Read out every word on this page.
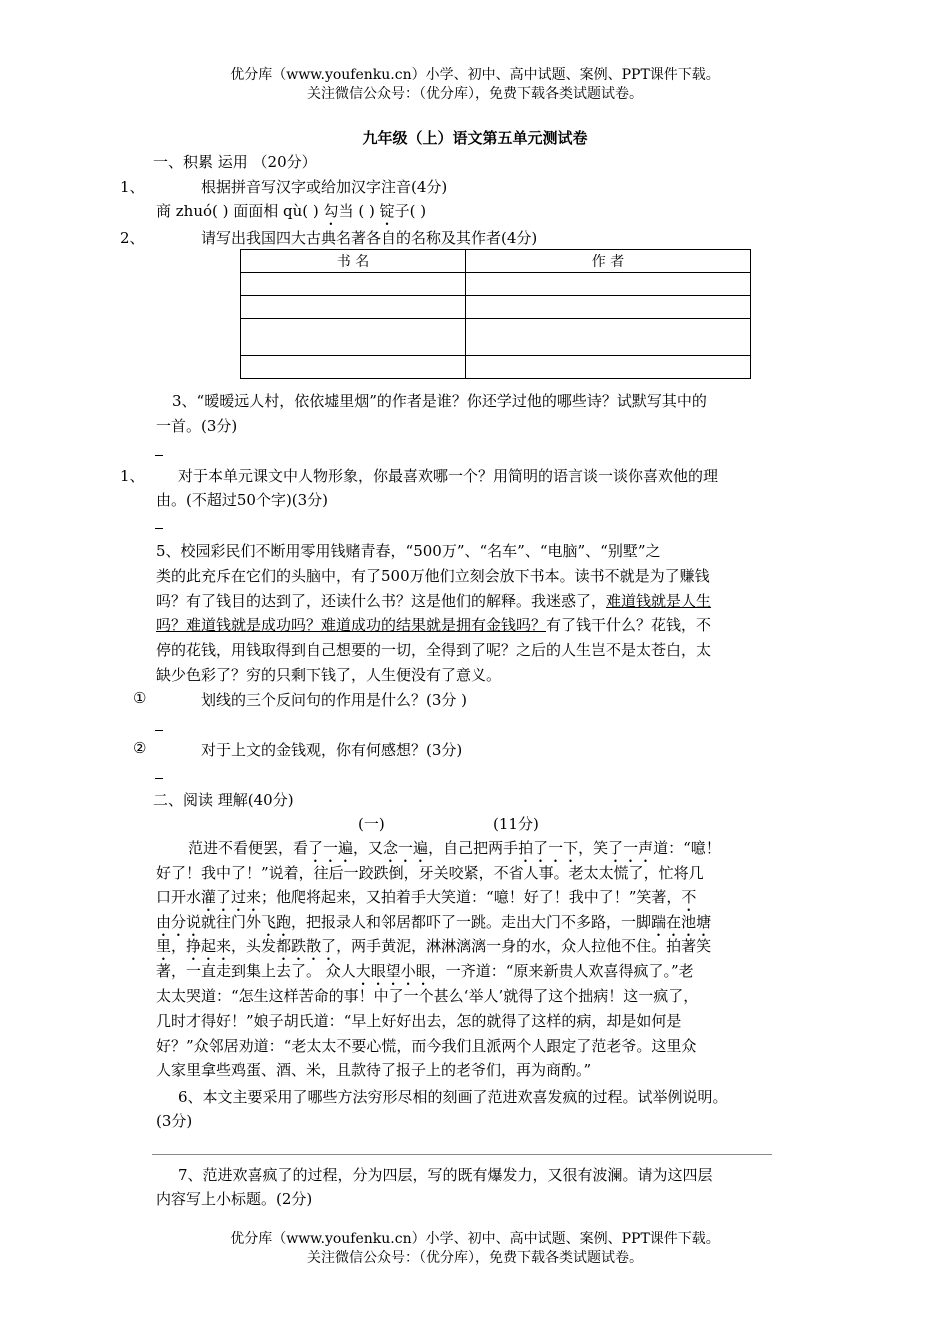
优分库（www.youfenku.cn）小学、初中、高中试题、案例、PPT课件下载。
关注微信公众号：（优分库），免费下载各类试题试卷。
九年级（上）语文第五单元测试卷
一、积累 运用 （20分）
1、	根据拼音写汉字或给加汉字注音(4分)
商 zhuó( ) 面面相 qù( ) 勾当 ( ) 锭子( )
2、	请写出我国四大古典名著各自的名称及其作者(4分)
书 名	作 者

3、“暧暧远人村，依依墟里烟”的作者是谁？你还学过他的哪些诗？试默写其中的
一首。(3分)
1、 对于本单元课文中人物形象，你最喜欢哪一个？用简明的语言谈一谈你喜欢他的理
由。(不超过50个字)(3分)
5、校园彩民们不断用零用钱赌青春，“500万”、“名车”、“电脑”、“别墅”之
类的此充斥在它们的头脑中，有了500万他们立刻会放下书本。读书不就是为了赚钱
吗？有了钱目的达到了，还读什么书？这是他们的解释。我迷惑了，难道钱就是人生
吗？难道钱就是成功吗？难道成功的结果就是拥有金钱吗？有了钱干什么？花钱，不
停的花钱，用钱取得到自己想要的一切，全得到了呢？之后的人生岂不是太苍白，太
缺少色彩了？穷的只剩下钱了，人生便没有了意义。
①	划线的三个反问句的作用是什么？(3分 )
②	对于上文的金钱观，你有何感想？(3分)
二、阅读 理解(40分)
(一)	(11分)
范进不看便罢，看了一遍，又念一遍，自己把两手拍了一下，笑了一声道：“噫！
好了！我中了！”说着，往后一跤跌倒，牙关咬紧，不省人事。老太太慌了，忙将几
口开水灌了过来；他爬将起来，又拍着手大笑道：“噫！好了！我中了！”笑著，不
由分说就往门外飞跑，把报录人和邻居都吓了一跳。走出大门不多路，一脚踹在池塘
里，挣起来，头发都跌散了，两手黄泥，淋淋漓漓一身的水，众人拉他不住。拍著笑
著，一直走到集上去了。 众人大眼望小眼，一齐道：“原来新贵人欢喜得疯了。”老
太太哭道：“怎生这样苦命的事！中了一个甚么‘举人’就得了这个拙病！这一疯了，
几时才得好！”娘子胡氏道：“早上好好出去，怎的就得了这样的病，却是如何是
好？”众邻居劝道：“老太太不要心慌，而今我们且派两个人跟定了范老爷。这里众
人家里拿些鸡蛋、酒、米，且款待了报子上的老爷们，再为商酌。”
6、本文主要采用了哪些方法穷形尽相的刻画了范进欢喜发疯的过程。试举例说明。
(3分)
7、范进欢喜疯了的过程，分为四层，写的既有爆发力，又很有波澜。请为这四层
内容写上小标题。(2分)
优分库（www.youfenku.cn）小学、初中、高中试题、案例、PPT课件下载。
关注微信公众号：（优分库），免费下载各类试题试卷。
